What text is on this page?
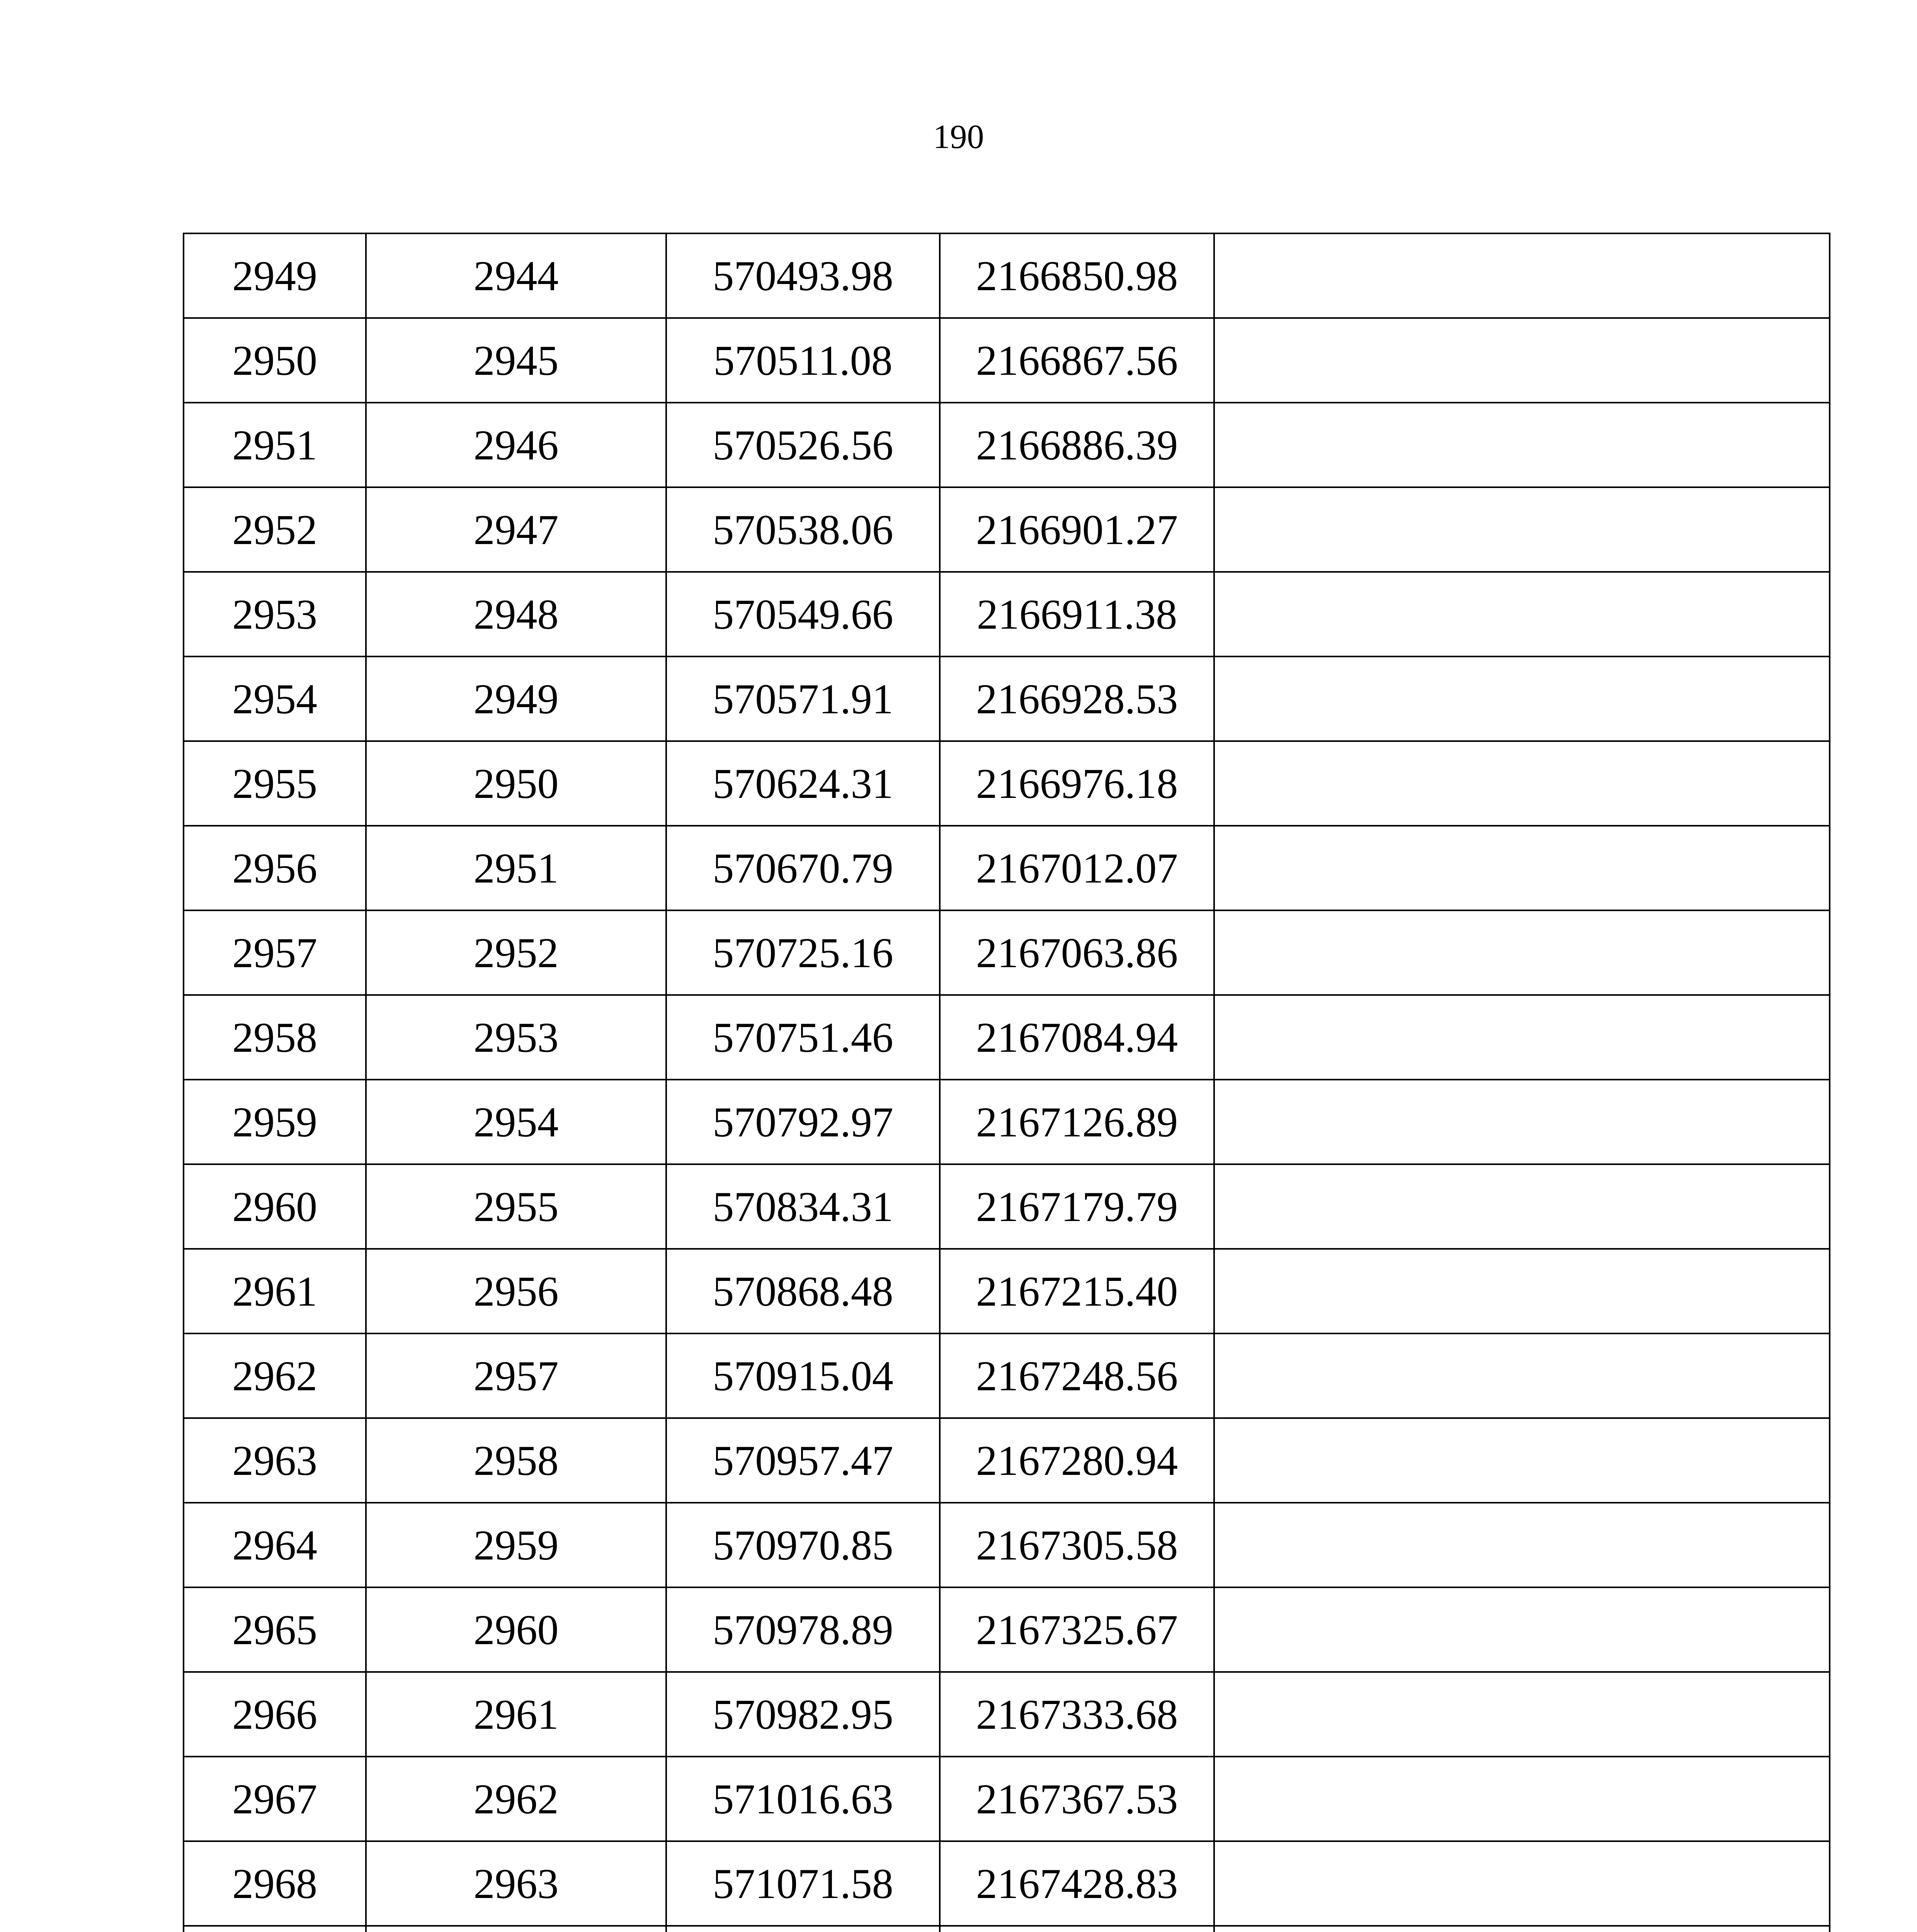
190
2949	2944	570493.98	2166850.98	
2950	2945	570511.08	2166867.56	
2951	2946	570526.56	2166886.39	
2952	2947	570538.06	2166901.27	
2953	2948	570549.66	2166911.38	
2954	2949	570571.91	2166928.53	
2955	2950	570624.31	2166976.18	
2956	2951	570670.79	2167012.07	
2957	2952	570725.16	2167063.86	
2958	2953	570751.46	2167084.94	
2959	2954	570792.97	2167126.89	
2960	2955	570834.31	2167179.79	
2961	2956	570868.48	2167215.40	
2962	2957	570915.04	2167248.56	
2963	2958	570957.47	2167280.94	
2964	2959	570970.85	2167305.58	
2965	2960	570978.89	2167325.67	
2966	2961	570982.95	2167333.68	
2967	2962	571016.63	2167367.53	
2968	2963	571071.58	2167428.83	
